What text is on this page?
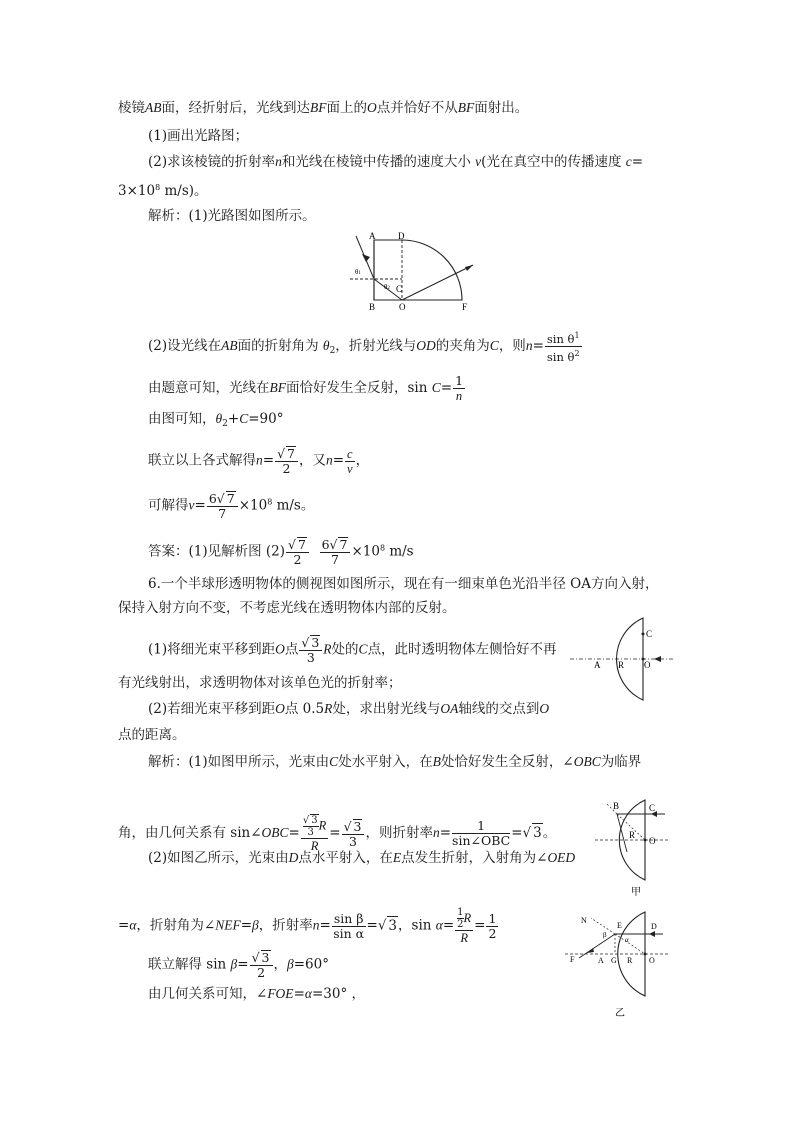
棱镜AB面，经折射后，光线到达BF面上的O点并恰好不从BF面射出。
(1)画出光路图；
(2)求该棱镜的折射率n和光线在棱镜中传播的速度大小 v(光在真空中的传播速度 c=
$3\times 10^8$ m/s)。
解析：(1)光路图如图所示。
A	D
B	O	F
C
θ1
θ2
(2)设光线在AB面的折射角为 $\theta_2$，折射光线与OD的夹角为C，则$n= \frac{\sin \theta^1}{\sin \theta^2}$
由题意可知，光线在BF面恰好发生全反射，$\sin C= \frac{1}{n}$
由图可知，$\theta_2+C=90^\circ$
联立以上各式解得$n= \frac{√ 7}{2}$ ，又$n= \frac{c}{v}$ ，
可解得$v= \frac{6√ 7}{7} \times 10^8$ m/s。
答案：(1)见解析图 $(2) \frac{√ 7}{2}$
$\frac{6√ 7}{7} \times 10^8$ m/s
6.一个半球形透明物体的侧视图如图所示，现在有一细束单色光沿半径 OA方向入射，
保持入射方向不变，不考虑光线在透明物体内部的反射。
(1)将细光束平移到距O点 $\frac{√ 3}{3}$ R处的C点，此时透明物体左侧恰好不再
有光线射出，求透明物体对该单色光的折射率；
(2)若细光束平移到距O点 0.5R处，求出射光线与OA轴线的交点到O
点的距离。
C
A R O
解析：(1)如图甲所示，光束由C处水平射入，在B处恰好发生全反射，∠OBC为临界
角，由几何关系有 sin∠OBC= $\frac{\frac{√ 3}{3} R}{R} = \frac{√ 3}{3}$ ，则折射率$n= \frac{1}{\text{sin∠OBC}}$ =√ 3。
(2)如图乙所示，光束由D点水平射入，在E点发生折射，入射角为∠OED
=α，折射角为∠NEF=β，折射率$n= \frac{\text{sin β}}{\text{sin α}}$ =√ 3，$\sin \alpha= \frac{\frac{1}{2} R}{R} = \frac{1}{2}$
联立解得 $\sin \beta= \frac{√ 3}{2}$ ，β=60°
由几何关系可知，∠FOE=α=30° ，
B	C
R
O
甲
N
E	D
F	A G R O
β
α
乙
